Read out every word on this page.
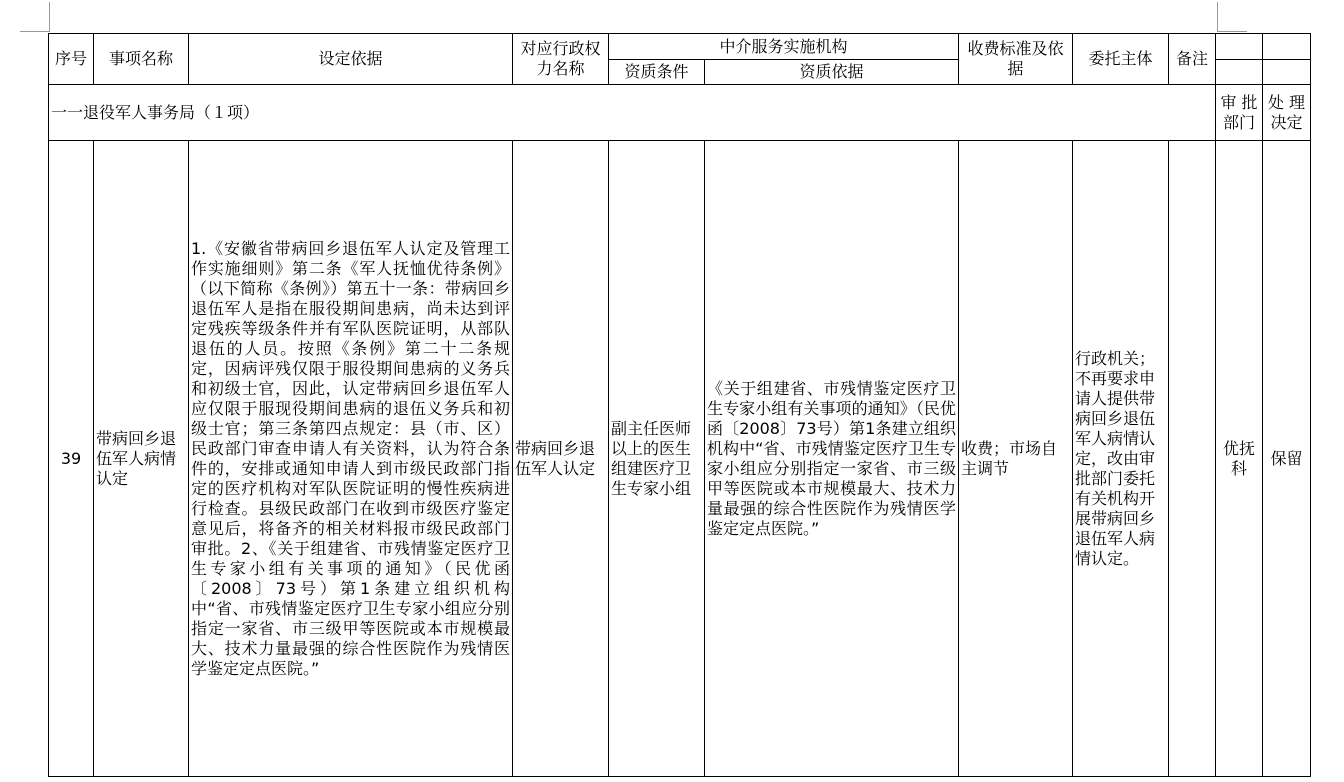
序号	事项名称	设定依据	对应行政权力名称	中介服务实施机构		收费标准及依据	委托主体	备注		
				资质条件	资质依据					
一一退役军人事务局（１项）									审 批部门	处 理决定
39	带病回乡退伍军人病情认定	1.《安徽省带病回乡退伍军人认定及管理工作实施细则》第二条《军人抚恤优待条例》（以下简称《条例》）第五十一条：带病回乡退伍军人是指在服役期间患病，尚未达到评定残疾等级条件并有军队医院证明，从部队退伍的人员。按照《条例》第二十二条规定，因病评残仅限于服役期间患病的义务兵和初级士官，因此，认定带病回乡退伍军人应仅限于服现役期间患病的退伍义务兵和初级士官；第三条第四点规定：县（市、区）民政部门审查申请人有关资料，认为符合条件的，安排或通知申请人到市级民政部门指定的医疗机构对军队医院证明的慢性疾病进行检查。县级民政部门在收到市级医疗鉴定意见后，将备齐的相关材料报市级民政部门审批。2、《关于组建省、市残情鉴定医疗卫生专家小组有关事项的通知》（民优函〔2008〕73号）第1条建立组织机构中“省、市残情鉴定医疗卫生专家小组应分别指定一家省、市三级甲等医院或本市规模最大、技术力量最强的综合性医院作为残情医学鉴定定点医院。”	带病回乡退伍军人认定	副主任医师以上的医生组建医疗卫生专家小组	《关于组建省、市残情鉴定医疗卫生专家小组有关事项的通知》（民优函〔2008〕73号）第1条建立组织机构中“省、市残情鉴定医疗卫生专家小组应分别指定一家省、市三级甲等医院或本市规模最大、技术力量最强的综合性医院作为残情医学鉴定定点医院。”	收费；市场自主调节	行政机关；不再要求申请人提供带病回乡退伍军人病情认定，改由审批部门委托有关机构开展带病回乡退伍军人病情认定。		优抚科	保留
